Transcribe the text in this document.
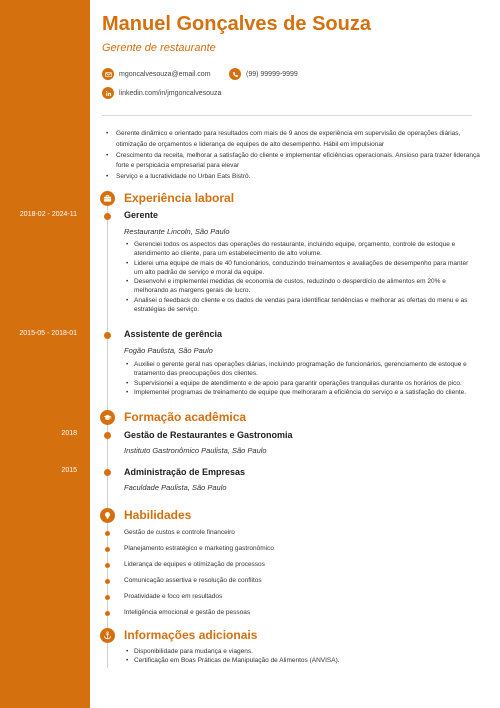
Manuel Gonçalves de Souza
Gerente de restaurante
mgoncalvesouza@email.com	(99) 99999-9999
linkedin.com/in/jmgoncalvesouza
• Gerente dinâmico e orientado para resultados com mais de 9 anos de experiência em supervisão de operações diárias, otimização de orçamentos e liderança de equipes de alto desempenho. Hábil em impulsionar
• Crescimento da receita, melhorar a satisfação do cliente e implementar eficiências operacionais. Ansioso para trazer liderança forte e perspicácia empresarial para elevar
• Serviço e a lucratividade no Urban Eats Bistrô.
Experiência laboral
2018-02 - 2024-11	Gerente
Restaurante Lincoln, São Paulo
• Gerenciei todos os aspectos das operações do restaurante, incluindo equipe, orçamento, controle de estoque e atendimento ao cliente, para um estabelecimento de alto volume.
• Liderei uma equipe de mais de 40 funcionários, conduzindo treinamentos e avaliações de desempenho para manter um alto padrão de serviço e moral da equipe.
• Desenvolvi e implementei medidas de economia de custos, reduzindo o desperdício de alimentos em 20% e melhorando as margens gerais de lucro.
• Analisei o feedback do cliente e os dados de vendas para identificar tendências e melhorar as ofertas do menu e as estratégias de serviço.
2015-05 - 2018-01	Assistente de gerência
Fogão Paulista, São Paulo
• Auxiliei o gerente geral nas operações diárias, incluindo programação de funcionários, gerenciamento de estoque e tratamento das preocupações dos clientes.
• Supervisionei a equipe de atendimento e de apoio para garantir operações tranquilas durante os horários de pico.
• Implementei programas de treinamento de equipe que melhoraram a eficiência do serviço e a satisfação do cliente.
Formação acadêmica
2018	Gestão de Restaurantes e Gastronomia
Instituto Gastronômico Paulista, São Paulo
2015	Administração de Empresas
Faculdade Paulista, São Paulo
Habilidades
Gestão de custos e controle financeiro
Planejamento estratégico e marketing gastronômico
Liderança de equipes e otimização de processos
Comunicação assertiva e resolução de conflitos
Proatividade e foco em resultados
Inteligência emocional e gestão de pessoas
Informações adicionais
• Disponibilidade para mudança e viagens.
• Certificação em Boas Práticas de Manipulação de Alimentos (ANVISA).
